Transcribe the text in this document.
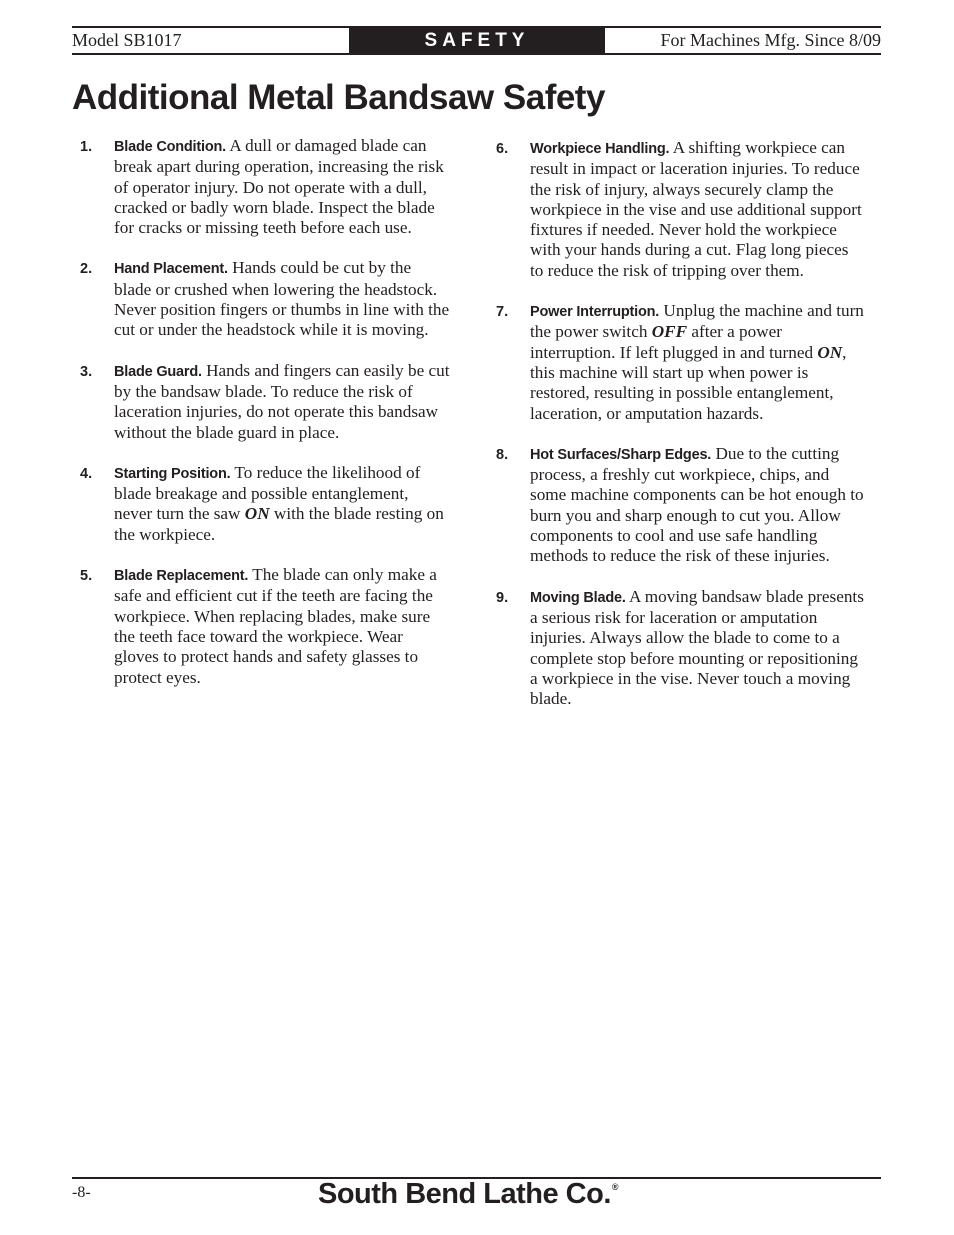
Model SB1017	SAFETY	For Machines Mfg. Since 8/09
Additional Metal Bandsaw Safety
1. Blade Condition. A dull or damaged blade can break apart during operation, increasing the risk of operator injury. Do not operate with a dull, cracked or badly worn blade. Inspect the blade for cracks or missing teeth before each use.
2. Hand Placement. Hands could be cut by the blade or crushed when lowering the headstock. Never position fingers or thumbs in line with the cut or under the headstock while it is moving.
3. Blade Guard. Hands and fingers can easily be cut by the bandsaw blade. To reduce the risk of laceration injuries, do not operate this bandsaw without the blade guard in place.
4. Starting Position. To reduce the likelihood of blade breakage and possible entanglement, never turn the saw ON with the blade resting on the workpiece.
5. Blade Replacement. The blade can only make a safe and efficient cut if the teeth are facing the workpiece. When replacing blades, make sure the teeth face toward the workpiece. Wear gloves to protect hands and safety glasses to protect eyes.
6. Workpiece Handling. A shifting workpiece can result in impact or laceration injuries. To reduce the risk of injury, always securely clamp the workpiece in the vise and use additional support fixtures if needed. Never hold the workpiece with your hands during a cut. Flag long pieces to reduce the risk of tripping over them.
7. Power Interruption. Unplug the machine and turn the power switch OFF after a power interruption. If left plugged in and turned ON, this machine will start up when power is restored, resulting in possible entanglement, laceration, or amputation hazards.
8. Hot Surfaces/Sharp Edges. Due to the cutting process, a freshly cut workpiece, chips, and some machine components can be hot enough to burn you and sharp enough to cut you. Allow components to cool and use safe handling methods to reduce the risk of these injuries.
9. Moving Blade. A moving bandsaw blade presents a serious risk for laceration or amputation injuries. Always allow the blade to come to a complete stop before mounting or repositioning a workpiece in the vise. Never touch a moving blade.
-8-	South Bend Lathe Co.®
